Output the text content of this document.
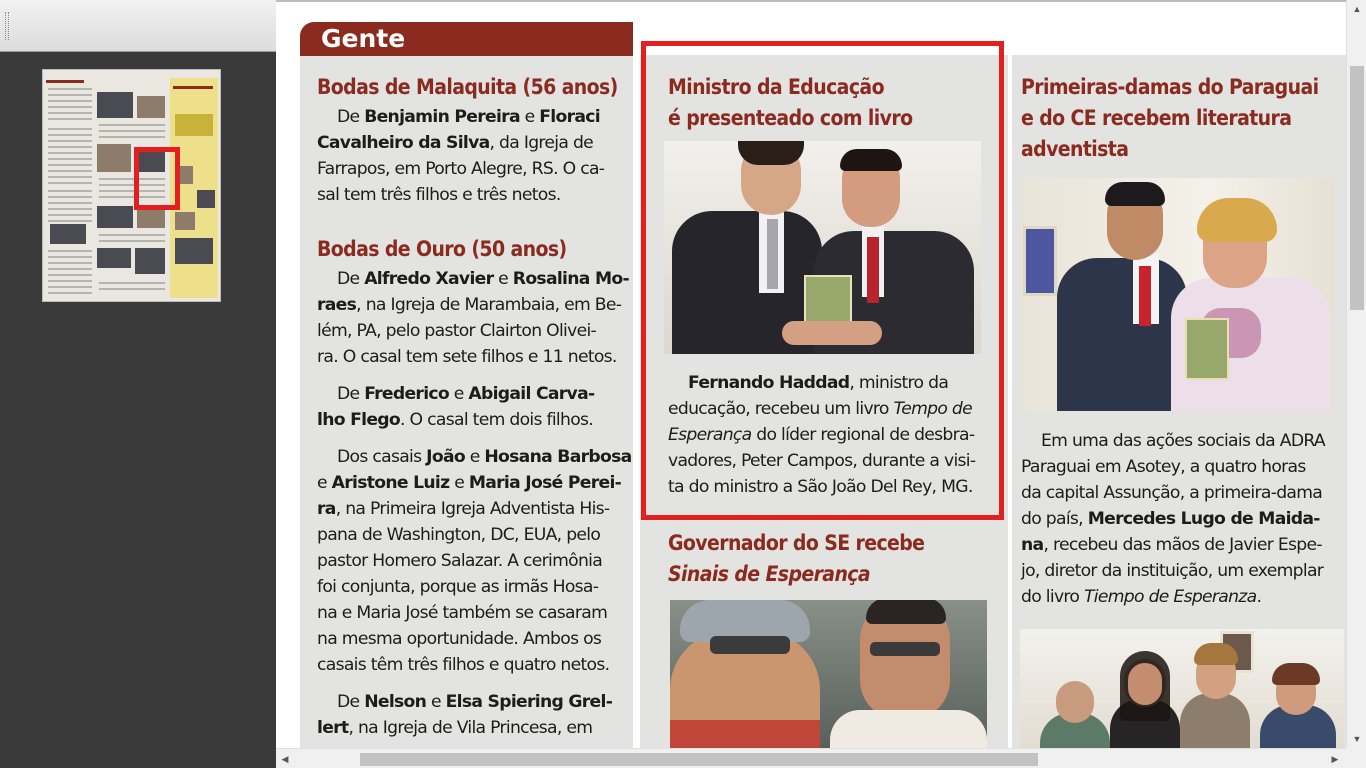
Gente
Bodas de Malaquita (56 anos)
De Benjamin Pereira e Floraci
Cavalheiro da Silva, da Igreja de
Farrapos, em Porto Alegre, RS. O ca-
sal tem três filhos e três netos.
Bodas de Ouro (50 anos)
De Alfredo Xavier e Rosalina Mo-
raes, na Igreja de Marambaia, em Be-
lém, PA, pelo pastor Clairton Olivei-
ra. O casal tem sete filhos e 11 netos.
De Frederico e Abigail Carva-
lho Flego. O casal tem dois filhos.
Dos casais João e Hosana Barbosa
e Aristone Luiz e Maria José Perei-
ra, na Primeira Igreja Adventista His-
pana de Washington, DC, EUA, pelo
pastor Homero Salazar. A cerimônia
foi conjunta, porque as irmãs Hosa-
na e Maria José também se casaram
na mesma oportunidade. Ambos os
casais têm três filhos e quatro netos.
De Nelson e Elsa Spiering Grel-
lert, na Igreja de Vila Princesa, em
Ministro da Educação
é presenteado com livro
Fernando Haddad, ministro da
educação, recebeu um livro Tempo de
Esperança do líder regional de desbra-
vadores, Peter Campos, durante a visi-
ta do ministro a São João Del Rey, MG.
Governador do SE recebe
Sinais de Esperança
Primeiras-damas do Paraguai
e do CE recebem literatura
adventista
Em uma das ações sociais da ADRA
Paraguai em Asotey, a quatro horas
da capital Assunção, a primeira-dama
do país, Mercedes Lugo de Maida-
na, recebeu das mãos de Javier Espe-
jo, diretor da instituição, um exemplar
do livro Tiempo de Esperanza.
▲
▼
◀	▶
